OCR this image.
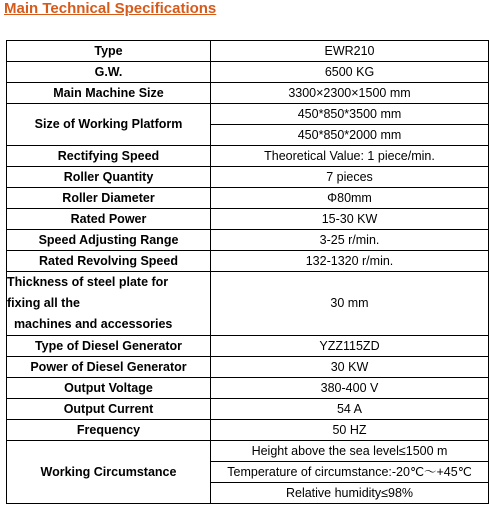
Main Technical Specifications
Type	EWR210
G.W.	6500 KG
Main Machine Size	3300×2300×1500 mm
Size of Working Platform	450*850*3500 mm
	450*850*2000 mm
Rectifying Speed	Theoretical Value: 1 piece/min.
Roller Quantity	7 pieces
Roller Diameter	Φ80mm
Rated Power	15-30 KW
Speed Adjusting Range	3-25 r/min.
Rated Revolving Speed	132-1320 r/min.

Thickness of steel plate for
fixing all the
machines and accessories	30 mm
Type of Diesel Generator	YZZ115ZD
Power of Diesel Generator	30 KW
Output Voltage	380-400 V
Output Current	54 A
Frequency	50 HZ
Working Circumstance	Height above the sea level≤1500 m
	Temperature of circumstance:-20℃～+45℃
	Relative humidity≤98%
